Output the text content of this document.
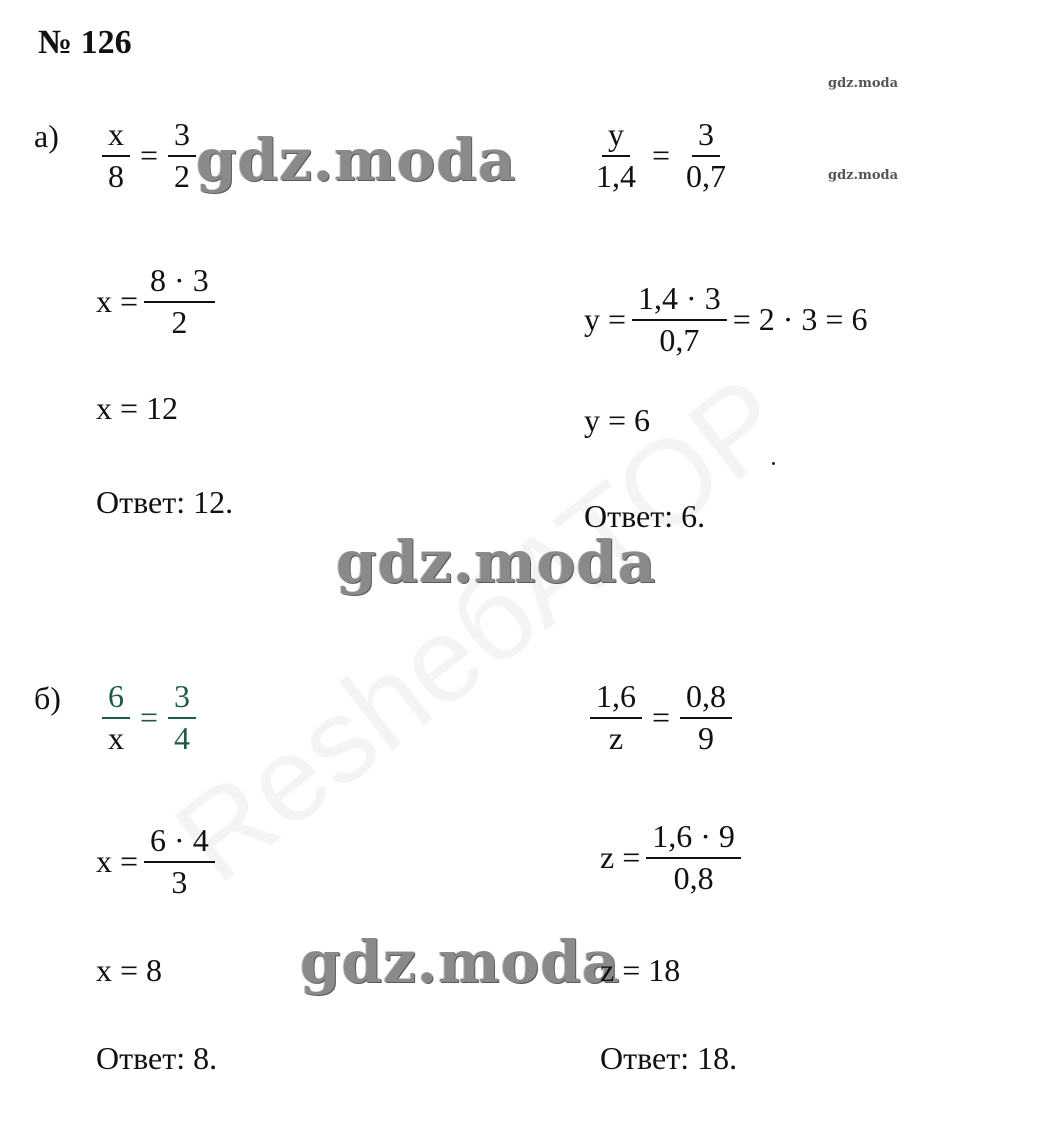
№ 126
gdz.moda
gdz.moda
$а) \frac{x}{8} = \frac{3}{2}$ gdz.moda
$x = \frac{8 \cdot 3}{2}$
x = 12
Ответ: 12.
$\frac{y}{1,4} = \frac{3}{0,7}$
$y = \frac{1,4 \cdot 3}{0,7} = 2 \cdot 3 = 6$
y = 6
Ответ: 6.
gdz.moda
$б) \frac{6}{x} = \frac{3}{4}$
$x = \frac{6 \cdot 4}{3}$
x = 8 gdz.moda
Ответ: 8.
$\frac{1,6}{z} = \frac{0,8}{9}$
$z = \frac{1,6 \cdot 9}{0,8}$
z = 18
Ответ: 18.
